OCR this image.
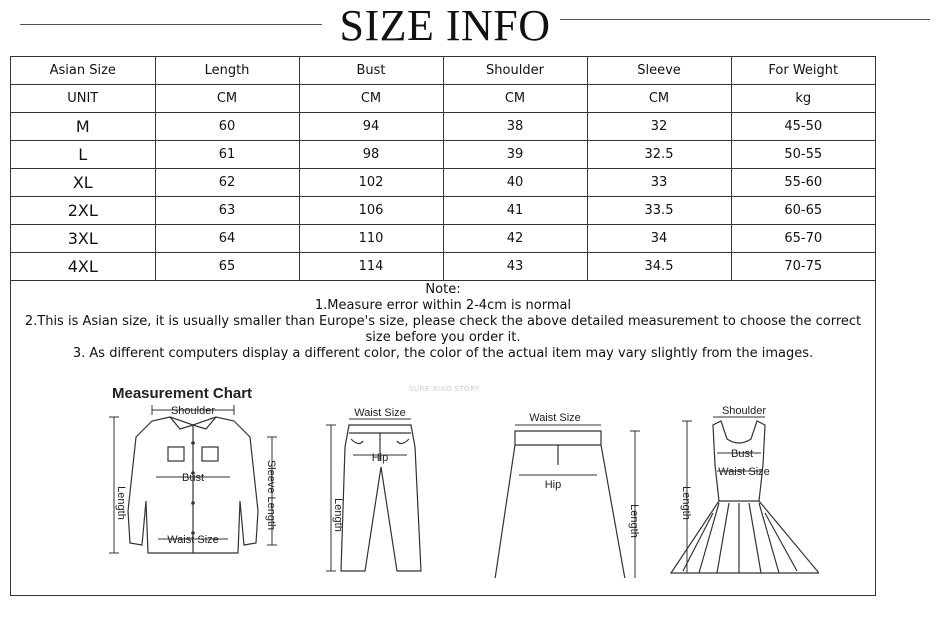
SIZE INFO
Asian Size	Length	Bust	Shoulder	Sleeve	For Weight
UNIT	CM	CM	CM	CM	kg
M	60	94	38	32	45-50
L	61	98	39	32.5	50-55
XL	62	102	40	33	55-60
2XL	63	106	41	33.5	60-65
3XL	64	110	42	34	65-70
4XL	65	114	43	34.5	70-75
Note:
1.Measure error within 2-4cm is normal
2.This is Asian size, it is usually smaller than Europe's size, please check the above detailed measurement to choose the correct size before you order it.
3. As different computers display a different color, the color of the actual item may vary slightly from the images.
Measurement Chart	SURE XIAO STORY
Shoulder
Bust
Length	Sleeve Length
Waist Size
Waist Size
Hip
Length
Waist Size
Hip
Length
Shoulder
Bust
Waist Size
Length
